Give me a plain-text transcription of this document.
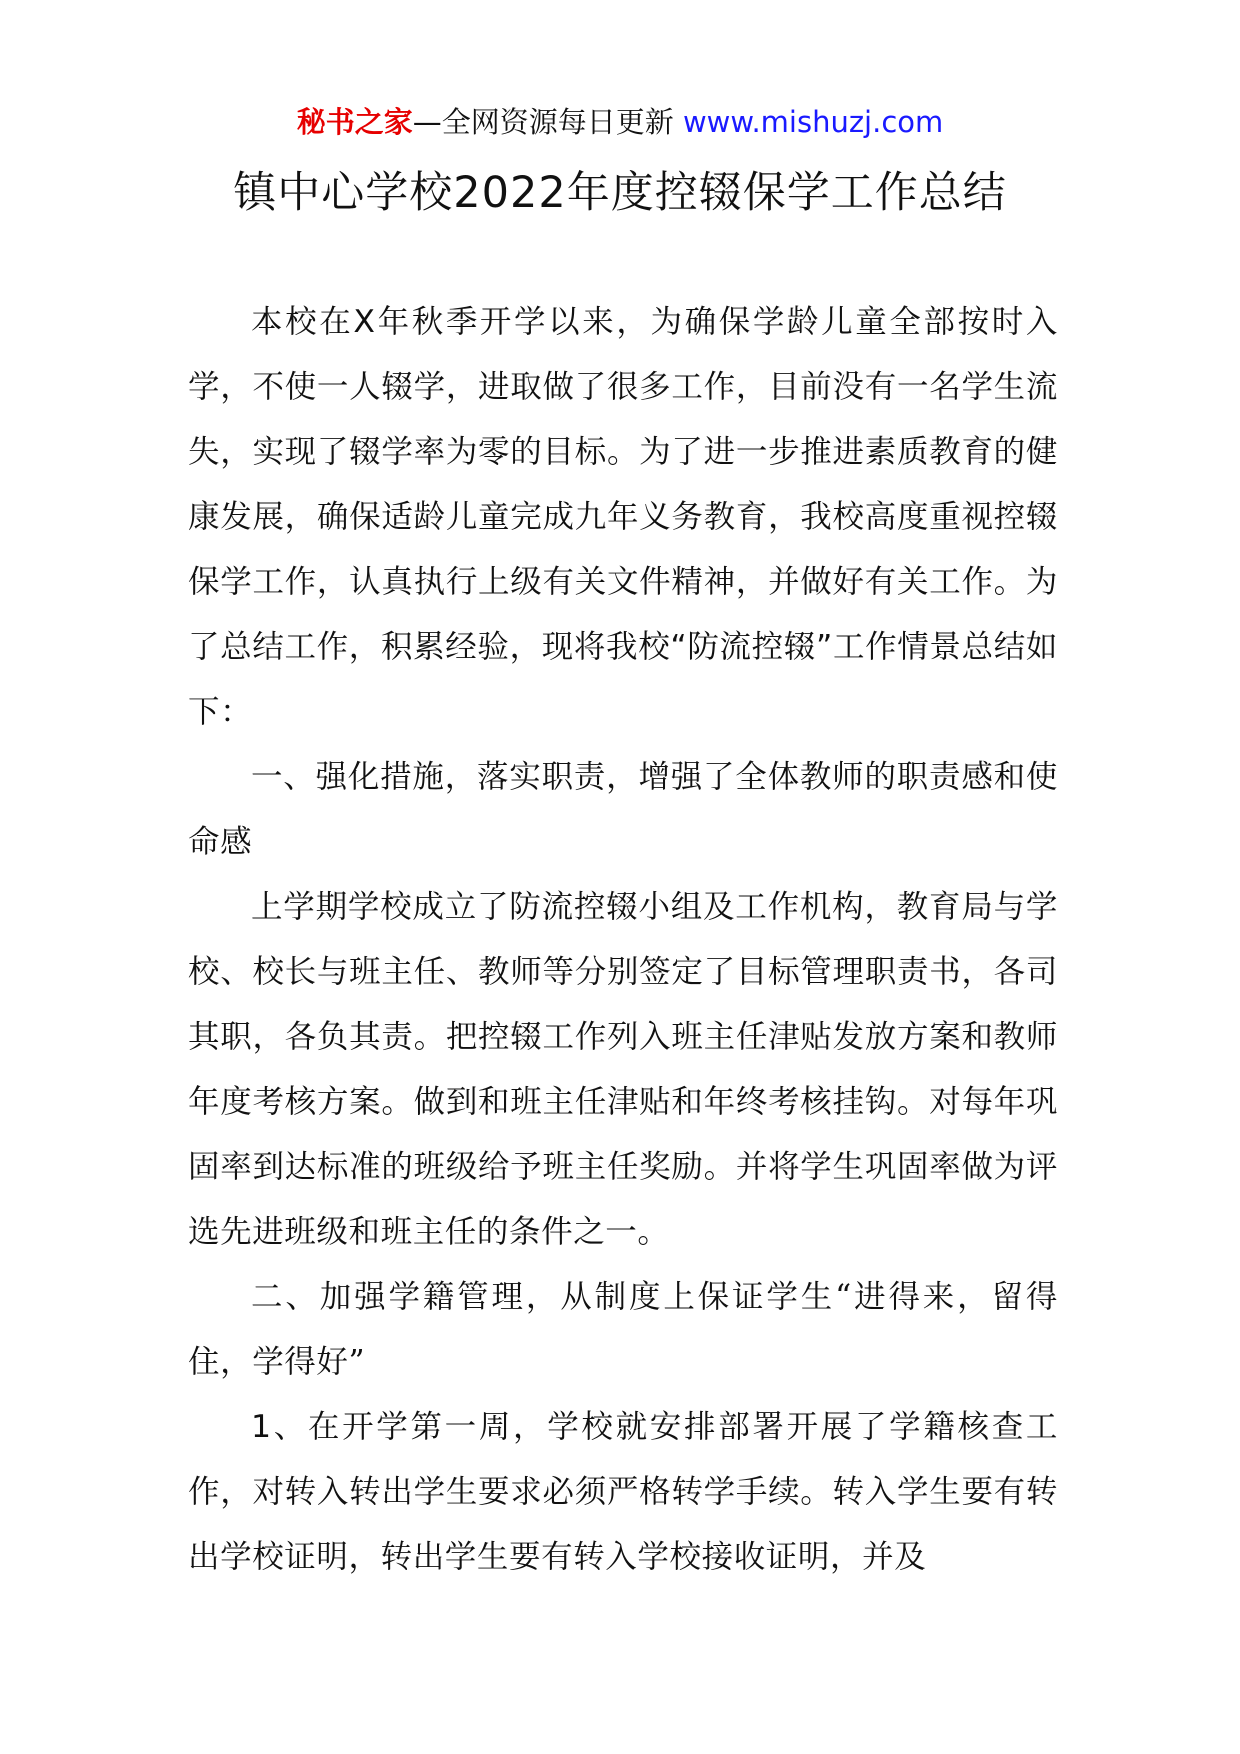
秘书之家—全网资源每日更新 www.mishuzj.com
镇中心学校2022年度控辍保学工作总结

本校在X年秋季开学以来，为确保学龄儿童全部按时入学，不使一人辍学，进取做了很多工作，目前没有一名学生流失，实现了辍学率为零的目标。为了进一步推进素质教育的健康发展，确保适龄儿童完成九年义务教育，我校高度重视控辍保学工作，认真执行上级有关文件精神，并做好有关工作。为了总结工作，积累经验，现将我校“防流控辍”工作情景总结如下：

一、强化措施，落实职责，增强了全体教师的职责感和使命感

上学期学校成立了防流控辍小组及工作机构，教育局与学校、校长与班主任、教师等分别签定了目标管理职责书，各司其职，各负其责。把控辍工作列入班主任津贴发放方案和教师年度考核方案。做到和班主任津贴和年终考核挂钩。对每年巩固率到达标准的班级给予班主任奖励。并将学生巩固率做为评选先进班级和班主任的条件之一。

二、加强学籍管理，从制度上保证学生“进得来，留得住，学得好”

1、在开学第一周，学校就安排部署开展了学籍核查工作，对转入转出学生要求必须严格转学手续。转入学生要有转出学校证明，转出学生要有转入学校接收证明，并及
